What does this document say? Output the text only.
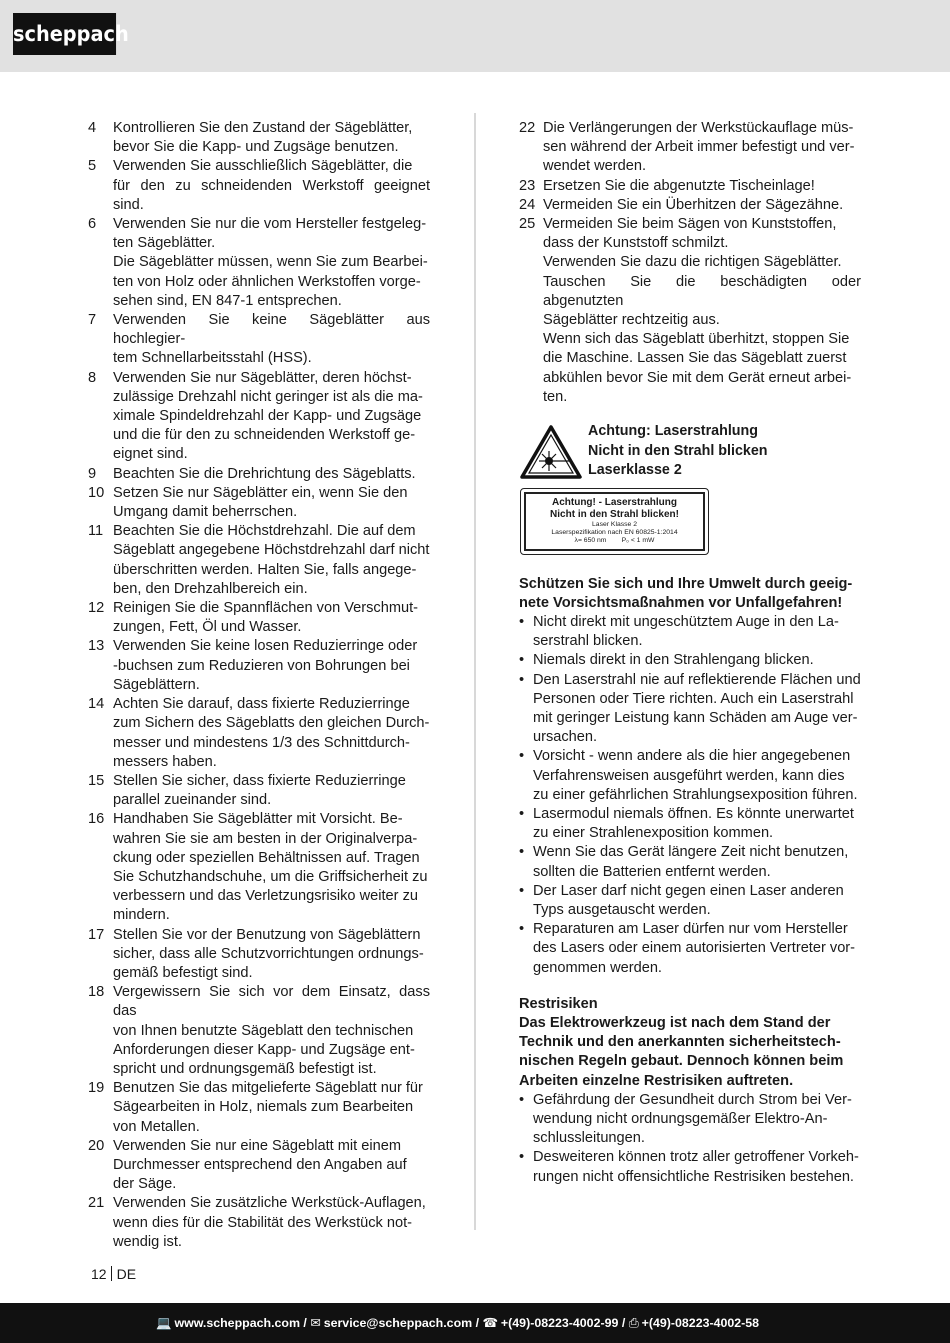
scheppach
4	Kontrollieren Sie den Zustand der Sägeblätter,
bevor Sie die Kapp- und Zugsäge benutzen.
5	Verwenden Sie ausschließlich Sägeblätter, die
für den zu schneidenden Werkstoff geeignet sind.
6	Verwenden Sie nur die vom Hersteller festgeleg-
ten Sägeblätter.
Die Sägeblätter müssen, wenn Sie zum Bearbei-
ten von Holz oder ähnlichen Werkstoffen vorge-
sehen sind, EN 847-1 entsprechen.
7	Verwenden Sie keine Sägeblätter aus hochlegier-
tem Schnellarbeitsstahl (HSS).
8	Verwenden Sie nur Sägeblätter, deren höchst-
zulässige Drehzahl nicht geringer ist als die ma-
ximale Spindeldrehzahl der Kapp- und Zugsäge
und die für den zu schneidenden Werkstoff ge-
eignet sind.
9	Beachten Sie die Drehrichtung des Sägeblatts.
10 Setzen Sie nur Sägeblätter ein, wenn Sie den
Umgang damit beherrschen.
11 Beachten Sie die Höchstdrehzahl. Die auf dem
Sägeblatt angegebene Höchstdrehzahl darf nicht
überschritten werden. Halten Sie, falls angege-
ben, den Drehzahlbereich ein.
12 Reinigen Sie die Spannflächen von Verschmut-
zungen, Fett, Öl und Wasser.
13 Verwenden Sie keine losen Reduzierringe oder
-buchsen zum Reduzieren von Bohrungen bei
Sägeblättern.
14 Achten Sie darauf, dass fixierte Reduzierringe
zum Sichern des Sägeblatts den gleichen Durch-
messer und mindestens 1/3 des Schnittdurch-
messers haben.
15 Stellen Sie sicher, dass fixierte Reduzierringe
parallel zueinander sind.
16 Handhaben Sie Sägeblätter mit Vorsicht. Be-
wahren Sie sie am besten in der Originalverpa-
ckung oder speziellen Behältnissen auf. Tragen
Sie Schutzhandschuhe, um die Griffsicherheit zu
verbessern und das Verletzungsrisiko weiter zu
mindern.
17 Stellen Sie vor der Benutzung von Sägeblättern
sicher, dass alle Schutzvorrichtungen ordnungs-
gemäß befestigt sind.
18 Vergewissern Sie sich vor dem Einsatz, dass das
von Ihnen benutzte Sägeblatt den technischen
Anforderungen dieser Kapp- und Zugsäge ent-
spricht und ordnungsgemäß befestigt ist.
19 Benutzen Sie das mitgelieferte Sägeblatt nur für
Sägearbeiten in Holz, niemals zum Bearbeiten
von Metallen.
20 Verwenden Sie nur eine Sägeblatt mit einem
Durchmesser entsprechend den Angaben auf
der Säge.
21 Verwenden Sie zusätzliche Werkstück-Auflagen,
wenn dies für die Stabilität des Werkstück not-
wendig ist.
22 Die Verlängerungen der Werkstückauflage müs-
sen während der Arbeit immer befestigt und ver-
wendet werden.
23 Ersetzen Sie die abgenutzte Tischeinlage!
24 Vermeiden Sie ein Überhitzen der Sägezähne.
25 Vermeiden Sie beim Sägen von Kunststoffen,
dass der Kunststoff schmilzt.
Verwenden Sie dazu die richtigen Sägeblätter.
Tauschen Sie die beschädigten oder abgenutzten
Sägeblätter rechtzeitig aus.
Wenn sich das Sägeblatt überhitzt, stoppen Sie
die Maschine. Lassen Sie das Sägeblatt zuerst
abkühlen bevor Sie mit dem Gerät erneut arbei-
ten.
Achtung: Laserstrahlung
Nicht in den Strahl blicken
Laserklasse 2
Achtung! - Laserstrahlung
Nicht in den Strahl blicken!
Laser Klasse 2
Laserspezifikation nach EN 60825-1:2014
λ= 650 nm        P₀ < 1 mW
Schützen Sie sich und Ihre Umwelt durch geeig-
nete Vorsichtsmaßnahmen vor Unfallgefahren!
• Nicht direkt mit ungeschütztem Auge in den La-
serstrahl blicken.
• Niemals direkt in den Strahlengang blicken.
• Den Laserstrahl nie auf reflektierende Flächen und
Personen oder Tiere richten. Auch ein Laserstrahl
mit geringer Leistung kann Schäden am Auge ver-
ursachen.
• Vorsicht - wenn andere als die hier angegebenen
Verfahrensweisen ausgeführt werden, kann dies
zu einer gefährlichen Strahlungsexposition führen.
• Lasermodul niemals öffnen. Es könnte unerwartet
zu einer Strahlenexposition kommen.
• Wenn Sie das Gerät längere Zeit nicht benutzen,
sollten die Batterien entfernt werden.
• Der Laser darf nicht gegen einen Laser anderen
Typs ausgetauscht werden.
• Reparaturen am Laser dürfen nur vom Hersteller
des Lasers oder einem autorisierten Vertreter vor-
genommen werden.
Restrisiken
Das Elektrowerkzeug ist nach dem Stand der
Technik und den anerkannten sicherheitstech-
nischen Regeln gebaut. Dennoch können beim
Arbeiten einzelne Restrisiken auftreten.
• Gefährdung der Gesundheit durch Strom bei Ver-
wendung nicht ordnungsgemäßer Elektro-An-
schlussleitungen.
• Desweiteren können trotz aller getroffener Vorkeh-
rungen nicht offensichtliche Restrisiken bestehen.
12 DE
💻 www.scheppach.com / ✉ service@scheppach.com / ☎ +(49)-08223-4002-99 / ⎙ +(49)-08223-4002-58
